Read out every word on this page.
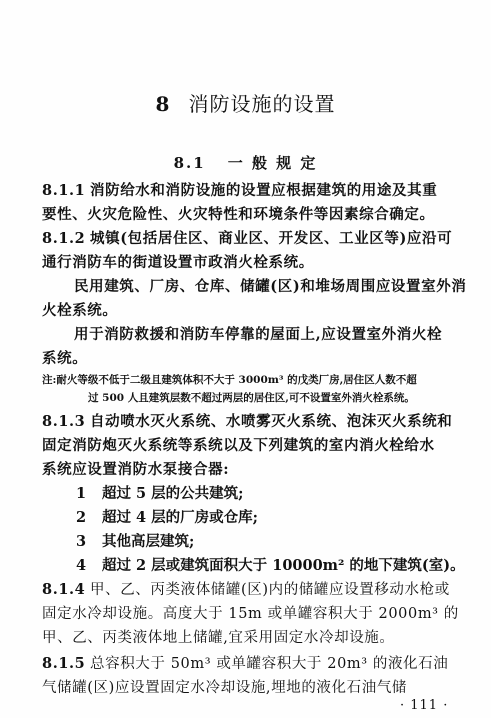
8 消防设施的设置
8.1 一 般 规 定
8.1.1 消防给水和消防设施的设置应根据建筑的用途及其重
要性、火灾危险性、火灾特性和环境条件等因素综合确定。
8.1.2 城镇(包括居住区、商业区、开发区、工业区等)应沿可
通行消防车的街道设置市政消火栓系统。
民用建筑、厂房、仓库、储罐(区)和堆场周围应设置室外消
火栓系统。
用于消防救援和消防车停靠的屋面上,应设置室外消火栓
系统。
注:耐火等级不低于二级且建筑体积不大于 3000m³ 的戊类厂房,居住区人数不超
过 500 人且建筑层数不超过两层的居住区,可不设置室外消火栓系统。
8.1.3 自动喷水灭火系统、水喷雾灭火系统、泡沫灭火系统和
固定消防炮灭火系统等系统以及下列建筑的室内消火栓给水
系统应设置消防水泵接合器:
1 超过 5 层的公共建筑;
2 超过 4 层的厂房或仓库;
3 其他高层建筑;
4 超过 2 层或建筑面积大于 10000m² 的地下建筑(室)。
8.1.4 甲、乙、丙类液体储罐(区)内的储罐应设置移动水枪或
固定水冷却设施。高度大于 15m 或单罐容积大于 2000m³ 的
甲、乙、丙类液体地上储罐,宜采用固定水冷却设施。
8.1.5 总容积大于 50m³ 或单罐容积大于 20m³ 的液化石油
· 111 ·
气储罐(区)应设置固定水冷却设施,埋地的液化石油气储
